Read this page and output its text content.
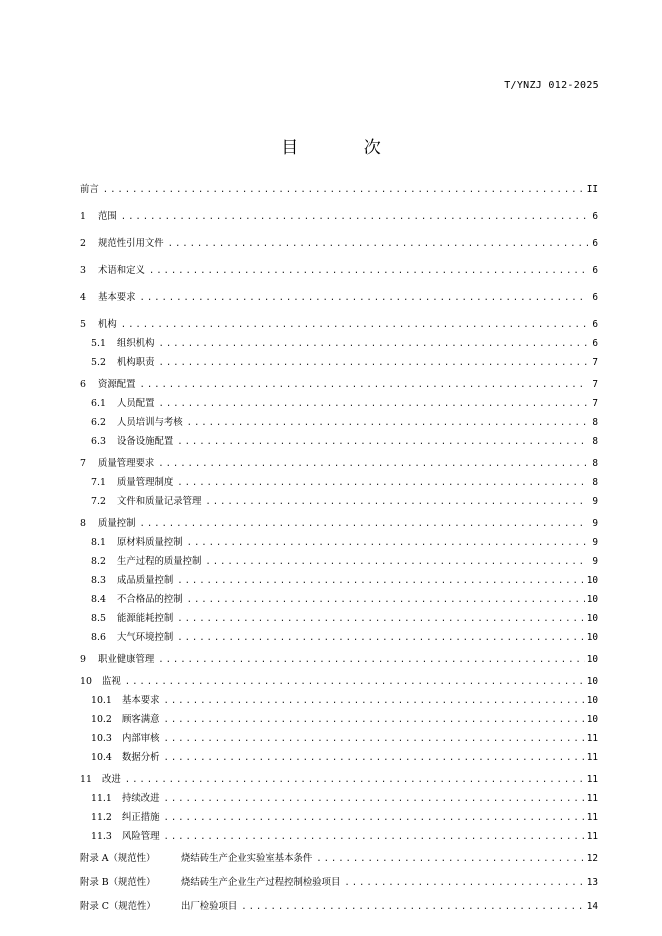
T/YNZJ 012-2025
目 次
前言 .....	II
1	范围 .....	6
2	规范性引用文件 .....	6
3	术语和定义 .....	6
4	基本要求 .....	6
5	机构 .....	6
5.1	组织机构 .....	6
5.2	机构职责 .....	7
6	资源配置 .....	7
6.1	人员配置 .....	7
6.2	人员培训与考核 .....	8
6.3	设备设施配置 .....	8
7	质量管理要求 .....	8
7.1	质量管理制度 .....	8
7.2	文件和质量记录管理 .....	9
8	质量控制 .....	9
8.1	原材料质量控制 .....	9
8.2	生产过程的质量控制 .....	9
8.3	成品质量控制 .....	10
8.4	不合格品的控制 .....	10
8.5	能源能耗控制 .....	10
8.6	大气环境控制 .....	10
9	职业健康管理 .....	10
10	监视 .....	10
10.1	基本要求 .....	10
10.2	顾客满意 .....	10
10.3	内部审核 .....	11
10.4	数据分析 .....	11
11	改进 .....	11
11.1	持续改进 .....	11
11.2	纠正措施 .....	11
11.3	风险管理 .....	11
附录 A（规范性）	烧结砖生产企业实验室基本条件 .....	12
附录 B（规范性）	烧结砖生产企业生产过程控制检验项目 .....	13
附录 C（规范性）	出厂检验项目 .....	14
